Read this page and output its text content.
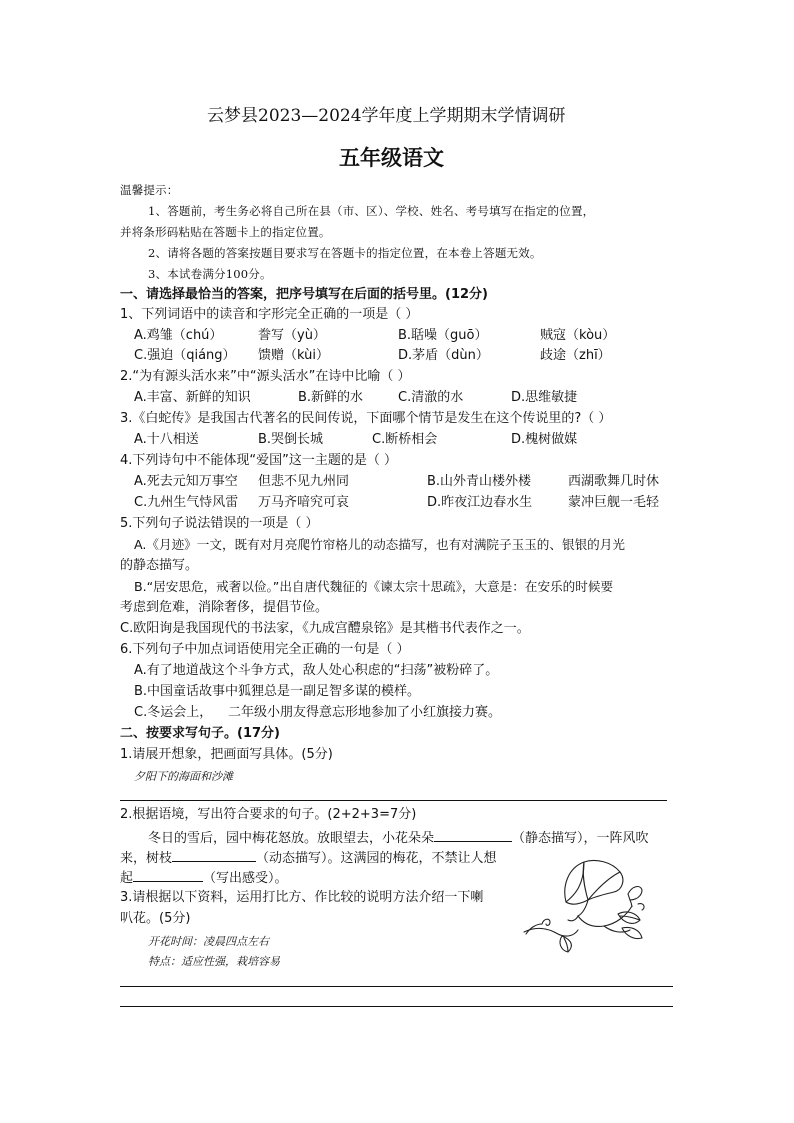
云梦县2023—2024学年度上学期期末学情调研
五年级语文
温馨提示：
1、答题前，考生务必将自己所在县（市、区）、学校、姓名、考号填写在指定的位置，
并将条形码粘贴在答题卡上的指定位置。
2、请将各题的答案按题目要求写在答题卡的指定位置，在本卷上答题无效。
3、本试卷满分100分。
一、请选择最恰当的答案，把序号填写在后面的括号里。(12分)
1、下列词语中的读音和字形完全正确的一项是（ ）
A.鸡雏（chú）	誊写（yù）	B.聒噪（guō）	贼寇（kòu）
C.强迫（qiáng） 馈赠（kùi）	D.茅盾（dùn）	歧途（zhī）
2.“为有源头活水来”中“源头活水”在诗中比喻（ ）
A.丰富、新鲜的知识	B.新鲜的水	C.清澈的水	D.思维敏捷
3.《白蛇传》是我国古代著名的民间传说，下面哪个情节是发生在这个传说里的?（ ）
A.十八相送	B.哭倒长城	C.断桥相会	D.槐树做媒
4.下列诗句中不能体现“爱国”这一主题的是（ ）
A.死去元知万事空 但悲不见九州同	B.山外青山楼外楼	西湖歌舞几时休
C.九州生气恃风雷 万马齐喑究可哀	D.昨夜江边春水生	蒙冲巨舰一毛轻
5.下列句子说法错误的一项是（ ）
A.《月迹》一文，既有对月亮爬竹帘格儿的动态描写，也有对满院子玉玉的、银银的月光
的静态描写。
B.“居安思危，戒奢以俭。”出自唐代魏征的《谏太宗十思疏》，大意是：在安乐的时候要
考虑到危难，消除奢侈，提倡节俭。
C.欧阳询是我国现代的书法家，《九成宫醴泉铭》是其楷书代表作之一。
6.下列句子中加点词语使用完全正确的一句是（ ）
A.有了地道战这个斗争方式，敌人处心积虑的“扫荡”被粉碎了。
B.中国童话故事中狐狸总是一副足智多谋的模样。
C.冬运会上， 二年级小朋友得意忘形地参加了小红旗接力赛。
二、按要求写句子。(17分)
1.请展开想象，把画面写具体。(5分)
夕阳下的海面和沙滩
2.根据语境，写出符合要求的句子。(2+2+3=7分)
冬日的雪后，园中梅花怒放。放眼望去，小花朵朵	（静态描写），一阵风吹
来，树枝	（动态描写）。这满园的梅花，不禁让人想
起	（写出感受）。
3.请根据以下资料，运用打比方、作比较的说明方法介绍一下喇
叭花。(5分)
开花时间：凌晨四点左右
特点：适应性强，栽培容易
